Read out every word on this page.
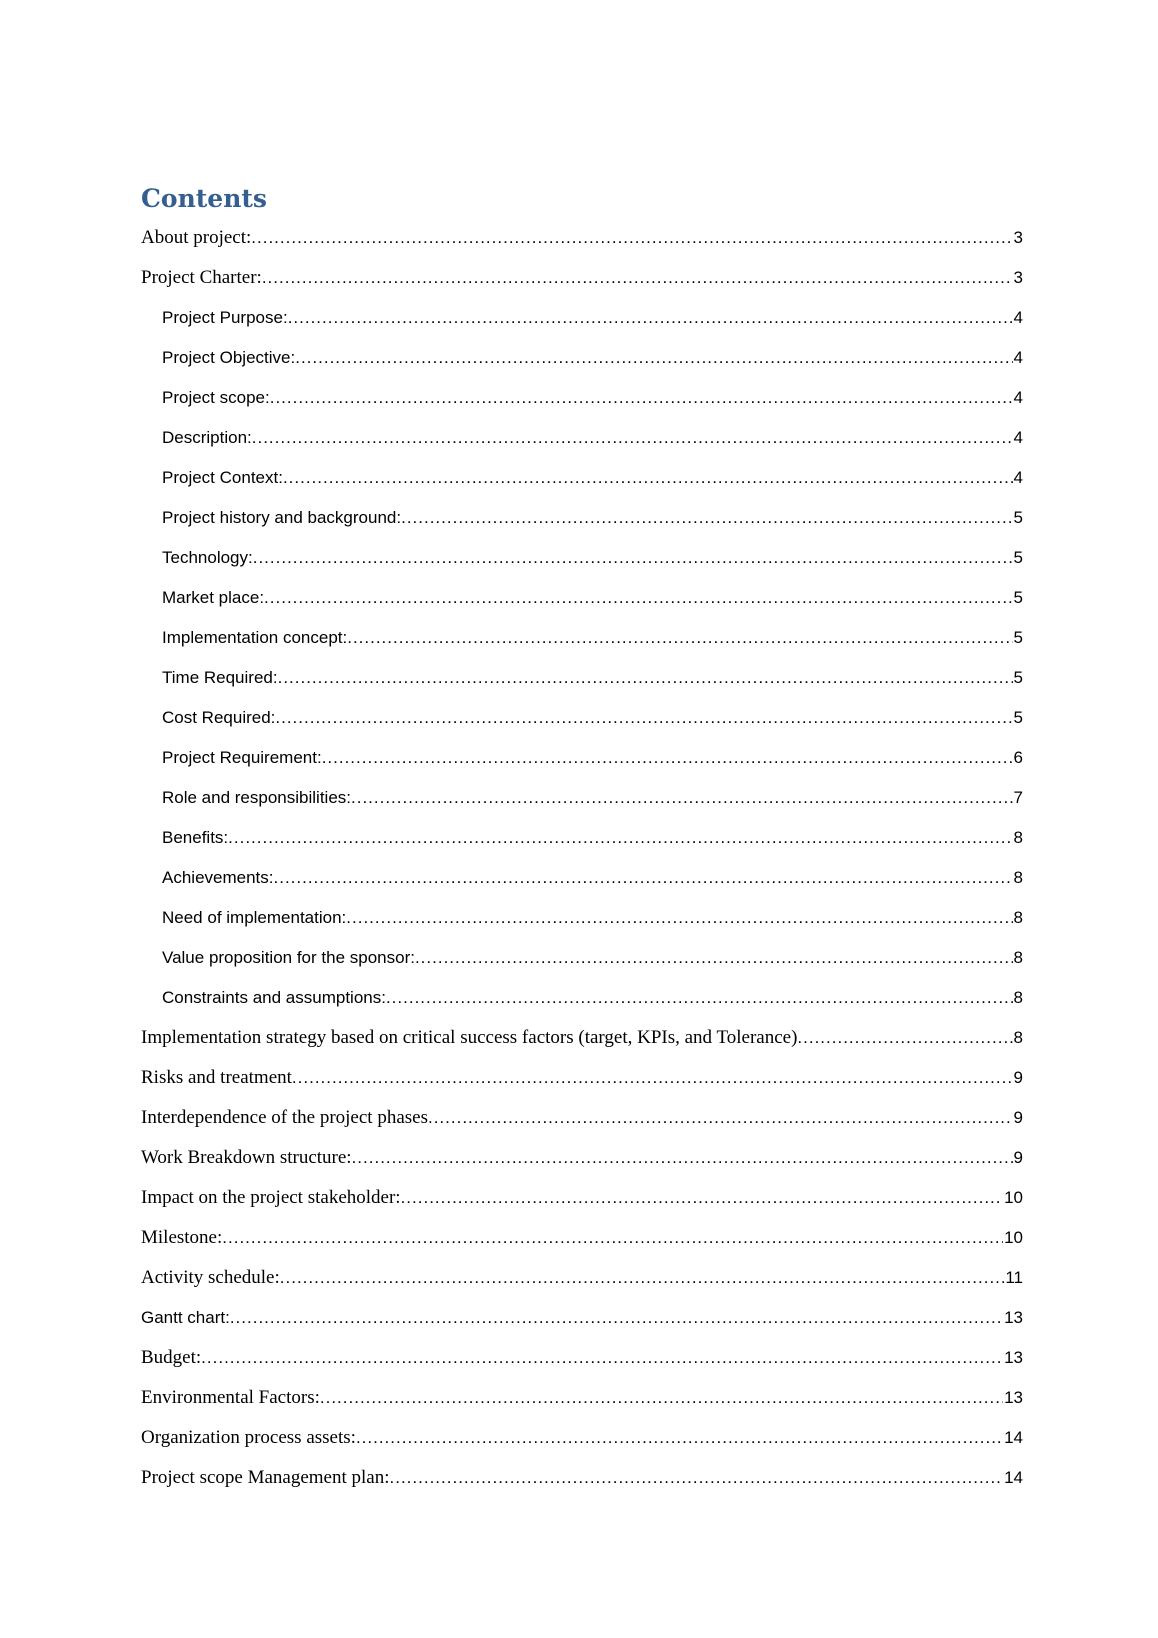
Contents
About project: .....	3
Project Charter: .....	3
Project Purpose: .....	4
Project Objective: .....	4
Project scope: .....	4
Description: .....	4
Project Context: .....	4
Project history and background: .....	5
Technology: .....	5
Market place: .....	5
Implementation concept: .....	5
Time Required: .....	5
Cost Required: .....	5
Project Requirement: .....	6
Role and responsibilities: .....	7
Benefits: .....	8
Achievements: .....	8
Need of implementation: .....	8
Value proposition for the sponsor: .....	8
Constraints and assumptions: .....	8
Implementation strategy based on critical success factors (target, KPIs, and Tolerance) .....	8
Risks and treatment .....	9
Interdependence of the project phases .....	9
Work Breakdown structure: .....	9
Impact on the project stakeholder: .....	10
Milestone: .....	10
Activity schedule: .....	11
Gantt chart: .....	13
Budget: .....	13
Environmental Factors: .....	13
Organization process assets: .....	14
Project scope Management plan: .....	14
